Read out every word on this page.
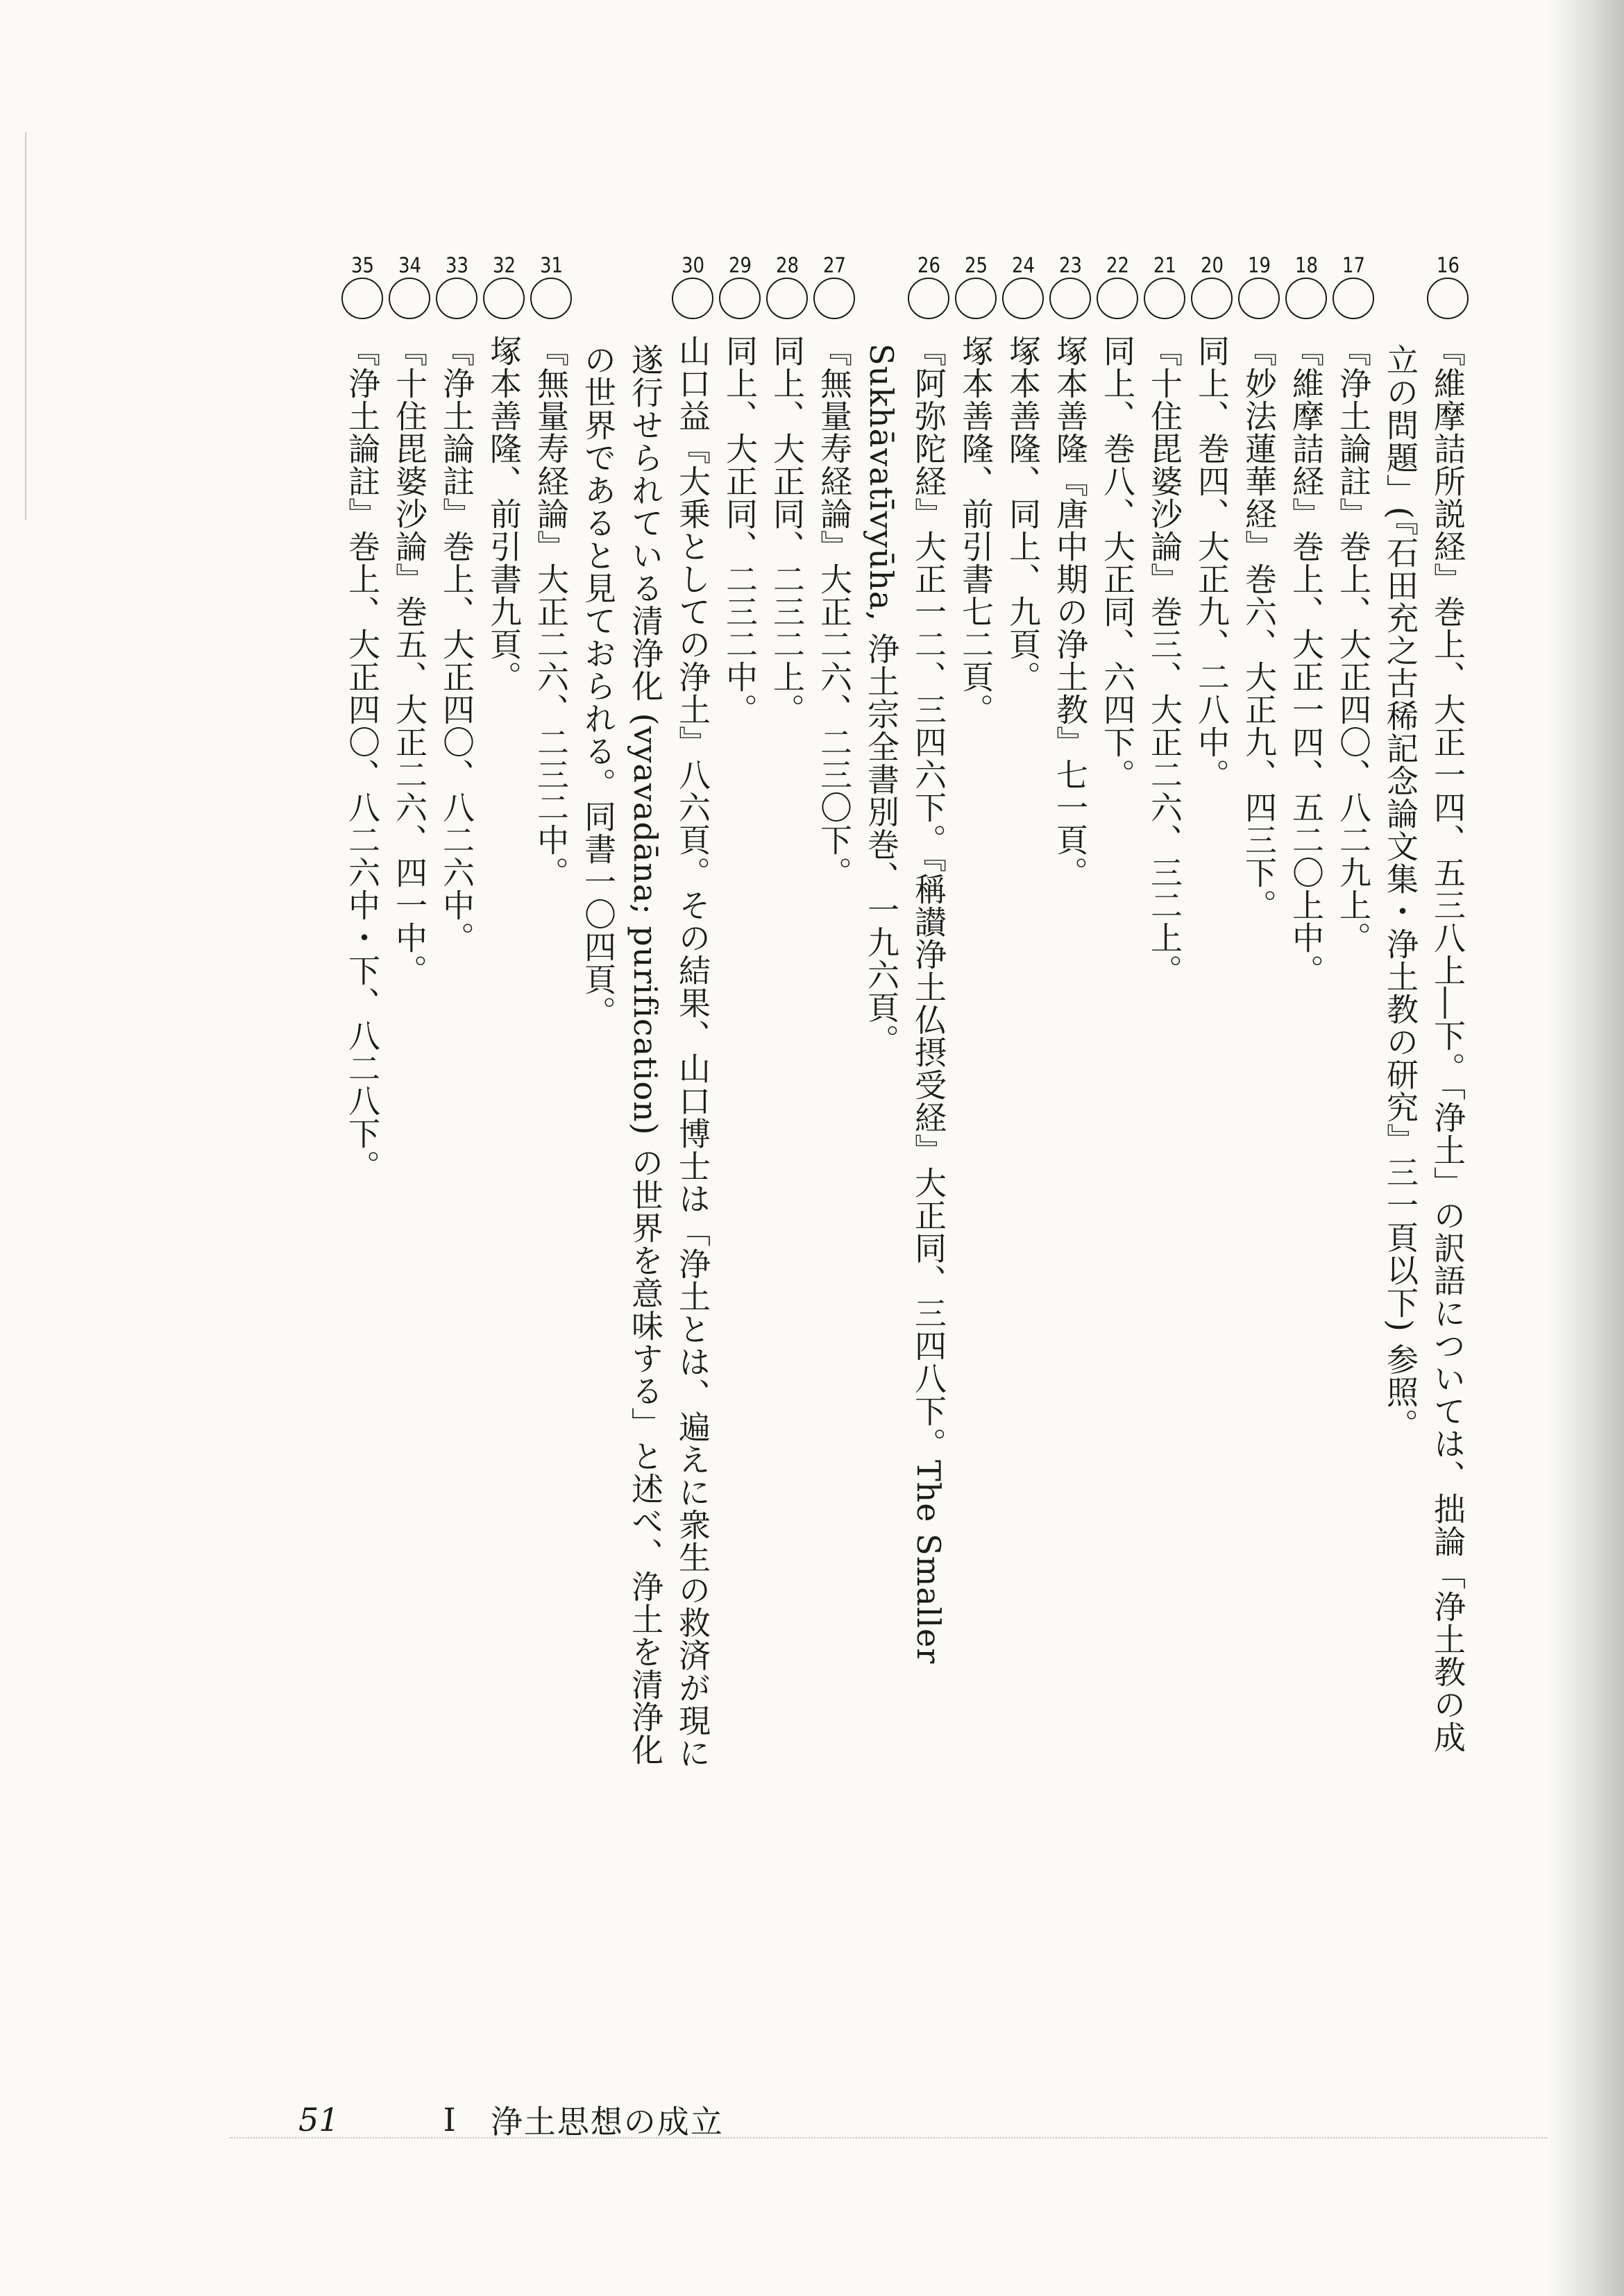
16『維摩詰所説経』巻上、大正一四、五三八上―下。「浄土」の訳語については、拙論「浄土教の成立の問題」(『石田充之古稀記念論文集・浄土教の研究』三一頁以下) 参照。

17『浄土論註』巻上、大正四〇、八二九上。

18『維摩詰経』巻上、大正一四、五二〇上中。

19『妙法蓮華経』巻六、大正九、四三下。

20同上、巻四、大正九、二八中。

21『十住毘婆沙論』巻三、大正二六、三二上。

22同上、巻八、大正同、六四下。

23塚本善隆『唐中期の浄土教』七一頁。

24塚本善隆、同上、九頁。

25塚本善隆、前引書七二頁。

26『阿弥陀経』大正一二、三四六下。『稱讃浄土仏摂受経』大正同、三四八下。The Smaller Sukhāvatīvyūha, 浄土宗全書別巻、一九六頁。

27『無量寿経論』大正二六、二三〇下。

28同上、大正同、二三二上。

29同上、大正同、二三二中。

30山口益『大乗としての浄土』八六頁。その結果、山口博士は「浄土とは、遍えに衆生の救済が現に遂行せられている清浄化 (vyavadāna; purification) の世界を意味する」と述べ、浄土を清浄化の世界であると見ておられる。同書一〇四頁。

31『無量寿経論』大正二六、二三二中。

32塚本善隆、前引書九頁。

33『浄土論註』巻上、大正四〇、八二六中。

34『十住毘婆沙論』巻五、大正二六、四一中。

35『浄土論註』巻上、大正四〇、八二六中・下、八二八下。

51	I 浄土思想の成立
